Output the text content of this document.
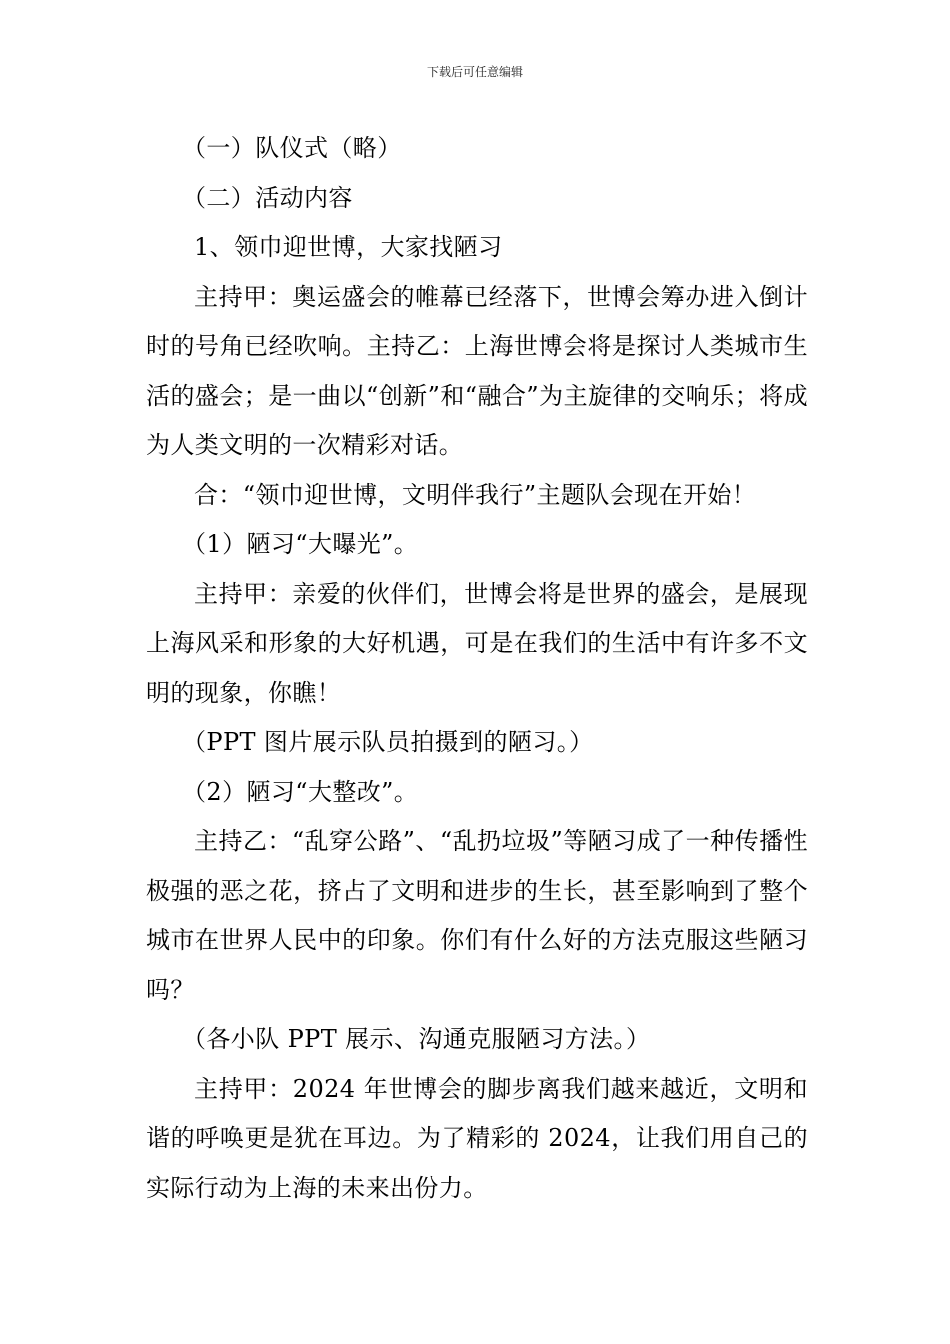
下载后可任意编辑

（一）队仪式（略）

（二）活动内容

1、领巾迎世博，大家找陋习

主持甲：奥运盛会的帷幕已经落下，世博会筹办进入倒计时的号角已经吹响。主持乙：上海世博会将是探讨人类城市生活的盛会；是一曲以“创新”和“融合”为主旋律的交响乐；将成为人类文明的一次精彩对话。

合：“领巾迎世博，文明伴我行”主题队会现在开始！

（1）陋习“大曝光”。

主持甲：亲爱的伙伴们，世博会将是世界的盛会，是展现上海风采和形象的大好机遇，可是在我们的生活中有许多不文明的现象，你瞧！

（PPT 图片展示队员拍摄到的陋习。）

（2）陋习“大整改”。

主持乙：“乱穿公路”、“乱扔垃圾”等陋习成了一种传播性极强的恶之花，挤占了文明和进步的生长，甚至影响到了整个城市在世界人民中的印象。你们有什么好的方法克服这些陋习吗？

（各小队 PPT 展示、沟通克服陋习方法。）

主持甲：2024 年世博会的脚步离我们越来越近，文明和谐的呼唤更是犹在耳边。为了精彩的 2024，让我们用自己的实际行动为上海的未来出份力。
